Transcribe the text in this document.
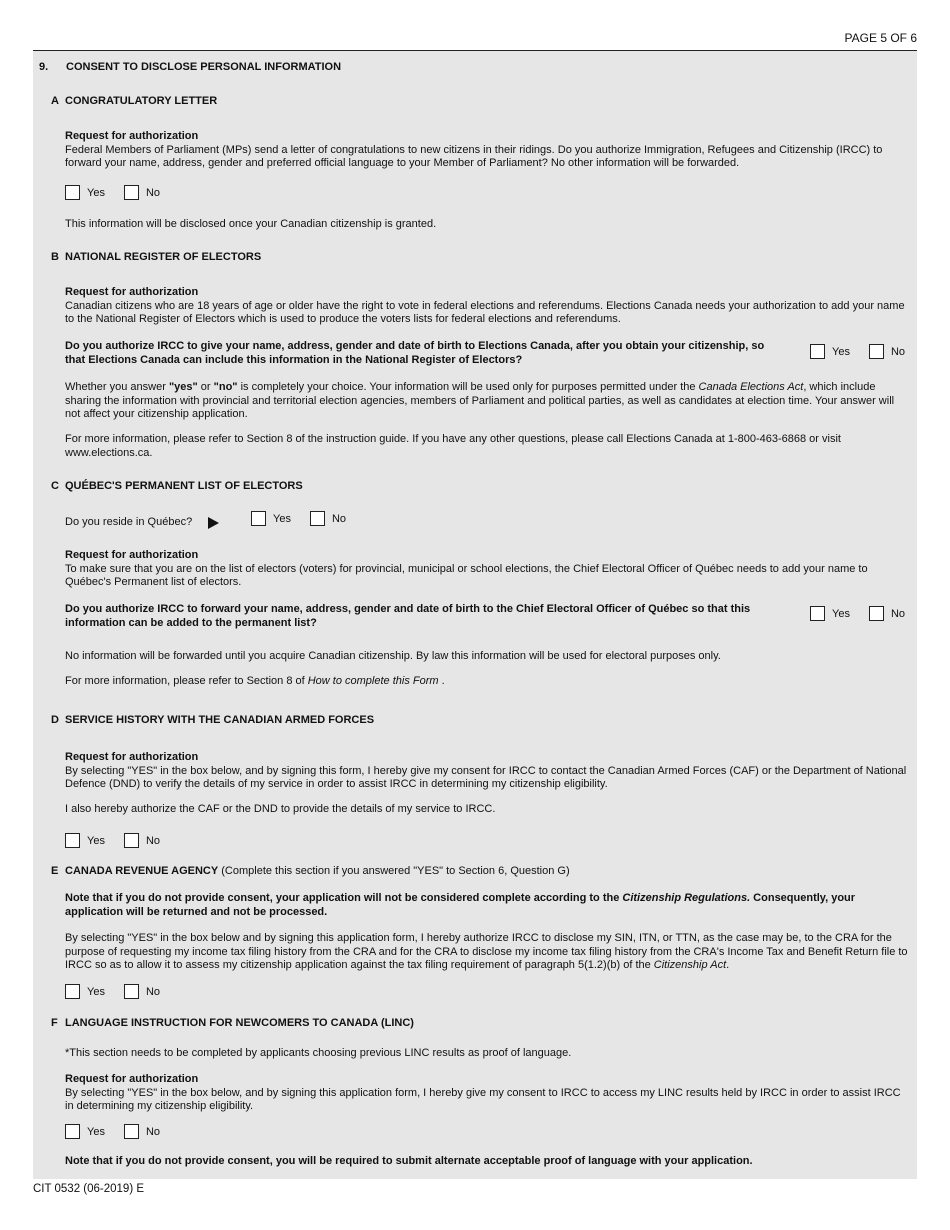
PAGE 5 OF 6
9. CONSENT TO DISCLOSE PERSONAL INFORMATION
A CONGRATULATORY LETTER
Request for authorization
Federal Members of Parliament (MPs) send a letter of congratulations to new citizens in their ridings. Do you authorize Immigration, Refugees and Citizenship (IRCC) to forward your name, address, gender and preferred official language to your Member of Parliament? No other information will be forwarded.
Yes	No
This information will be disclosed once your Canadian citizenship is granted.
B NATIONAL REGISTER OF ELECTORS
Request for authorization
Canadian citizens who are 18 years of age or older have the right to vote in federal elections and referendums. Elections Canada needs your authorization to add your name to the National Register of Electors which is used to produce the voters lists for federal elections and referendums.
Do you authorize IRCC to give your name, address, gender and date of birth to Elections Canada, after you obtain your citizenship, so that Elections Canada can include this information in the National Register of Electors?
Yes	No
Whether you answer "yes" or "no" is completely your choice. Your information will be used only for purposes permitted under the Canada Elections Act, which include sharing the information with provincial and territorial election agencies, members of Parliament and political parties, as well as candidates at election time. Your answer will not affect your citizenship application.
For more information, please refer to Section 8 of the instruction guide. If you have any other questions, please call Elections Canada at 1-800-463-6868 or visit www.elections.ca.
C QUÉBEC'S PERMANENT LIST OF ELECTORS
Do you reside in Québec?	Yes	No
Request for authorization
To make sure that you are on the list of electors (voters) for provincial, municipal or school elections, the Chief Electoral Officer of Québec needs to add your name to Québec's Permanent list of electors.
Do you authorize IRCC to forward your name, address, gender and date of birth to the Chief Electoral Officer of Québec so that this information can be added to the permanent list?
Yes	No
No information will be forwarded until you acquire Canadian citizenship. By law this information will be used for electoral purposes only.
For more information, please refer to Section 8 of How to complete this Form .
D SERVICE HISTORY WITH THE CANADIAN ARMED FORCES
Request for authorization
By selecting "YES" in the box below, and by signing this form, I hereby give my consent for IRCC to contact the Canadian Armed Forces (CAF) or the Department of National Defence (DND) to verify the details of my service in order to assist IRCC in determining my citizenship eligibility.
I also hereby authorize the CAF or the DND to provide the details of my service to IRCC.
Yes	No
E CANADA REVENUE AGENCY (Complete this section if you answered "YES" to Section 6, Question G)
Note that if you do not provide consent, your application will not be considered complete according to the Citizenship Regulations. Consequently, your application will be returned and not be processed.
By selecting "YES" in the box below and by signing this application form, I hereby authorize IRCC to disclose my SIN, ITN, or TTN, as the case may be, to the CRA for the purpose of requesting my income tax filing history from the CRA and for the CRA to disclose my income tax filing history from the CRA's Income Tax and Benefit Return file to IRCC so as to allow it to assess my citizenship application against the tax filing requirement of paragraph 5(1.2)(b) of the Citizenship Act.
Yes	No
F LANGUAGE INSTRUCTION FOR NEWCOMERS TO CANADA (LINC)
*This section needs to be completed by applicants choosing previous LINC results as proof of language.
Request for authorization
By selecting "YES" in the box below, and by signing this application form, I hereby give my consent to IRCC to access my LINC results held by IRCC in order to assist IRCC in determining my citizenship eligibility.
Yes	No
Note that if you do not provide consent, you will be required to submit alternate acceptable proof of language with your application.
CIT 0532 (06-2019) E
